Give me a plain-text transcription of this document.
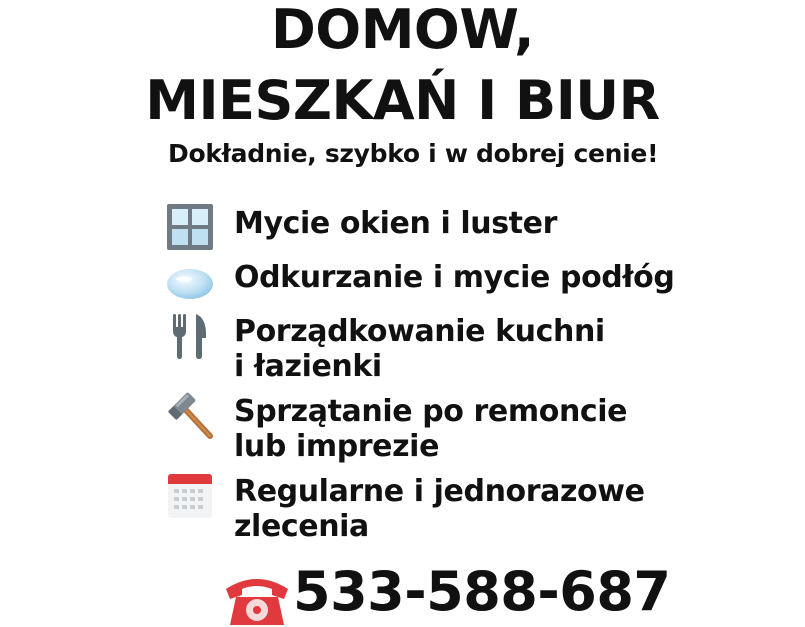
DOMOW,
MIESZKAŃ I BIUR
Dokładnie, szybko i w dobrej cenie!
Mycie okien i luster
Odkurzanie i mycie podłóg
Porządkowanie kuchni
i łazienki
Sprzątanie po remoncie
lub imprezie
Regularne i jednorazowe
zlecenia
533-588-687
